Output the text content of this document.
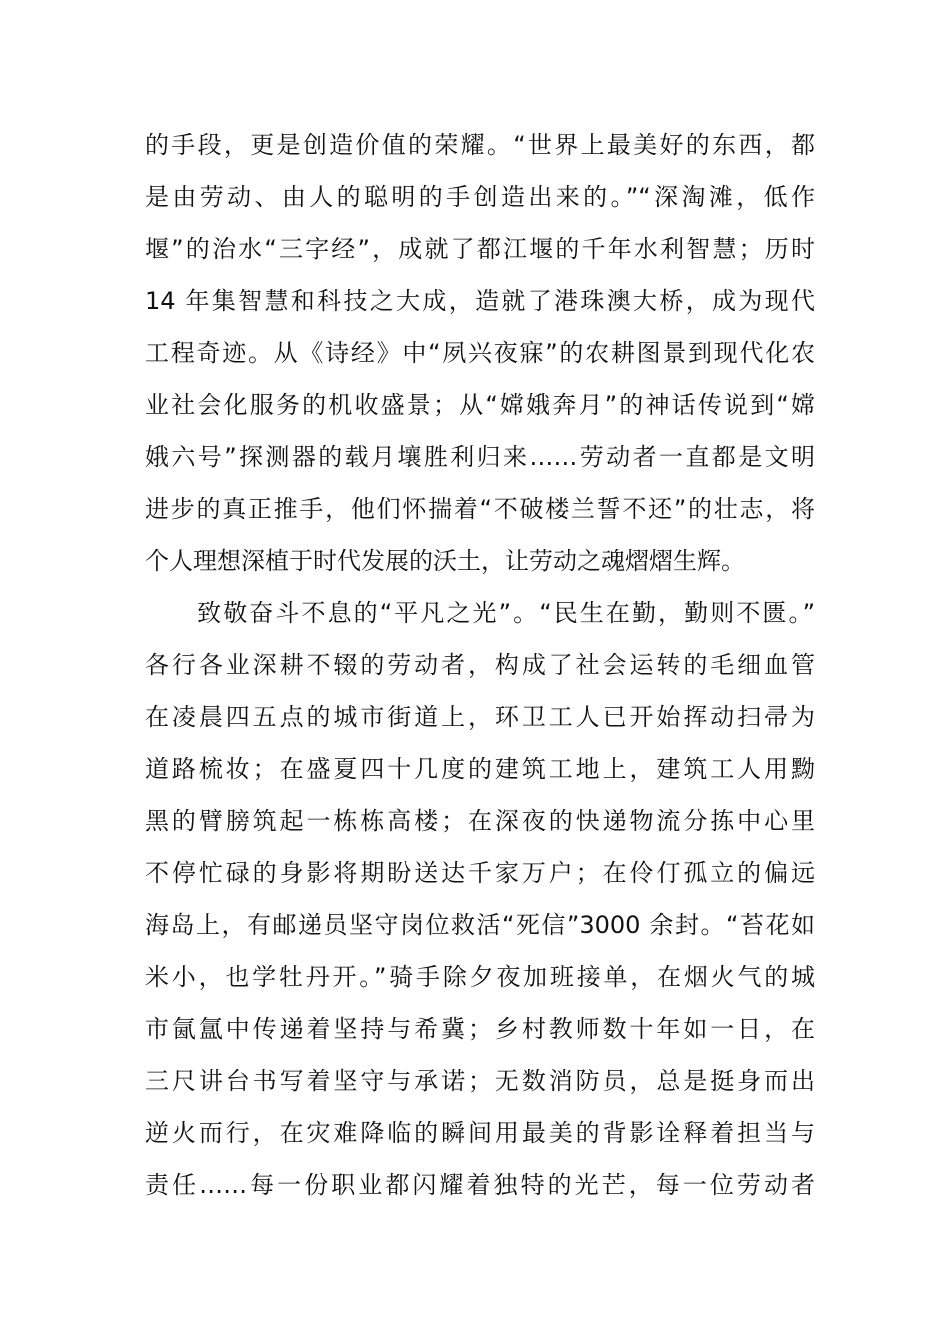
的手段，更是创造价值的荣耀。“世界上最美好的东西，都
是由劳动、由人的聪明的手创造出来的。”“深淘滩，低作
堰”的治水“三字经”，成就了都江堰的千年水利智慧；历时
14 年集智慧和科技之大成，造就了港珠澳大桥，成为现代
工程奇迹。从《诗经》中“夙兴夜寐”的农耕图景到现代化农
业社会化服务的机收盛景；从“嫦娥奔月”的神话传说到“嫦
娥六号”探测器的载月壤胜利归来……劳动者一直都是文明
进步的真正推手，他们怀揣着“不破楼兰誓不还”的壮志，将
个人理想深植于时代发展的沃土，让劳动之魂熠熠生辉。
　　致敬奋斗不息的“平凡之光”。“民生在勤，勤则不匮。”
各行各业深耕不辍的劳动者，构成了社会运转的毛细血管
在凌晨四五点的城市街道上，环卫工人已开始挥动扫帚为
道路梳妆；在盛夏四十几度的建筑工地上，建筑工人用黝
黑的臂膀筑起一栋栋高楼；在深夜的快递物流分拣中心里
不停忙碌的身影将期盼送达千家万户；在伶仃孤立的偏远
海岛上，有邮递员坚守岗位救活“死信”3000 余封。“苔花如
米小，也学牡丹开。”骑手除夕夜加班接单，在烟火气的城
市氤氲中传递着坚持与希冀；乡村教师数十年如一日，在
三尺讲台书写着坚守与承诺；无数消防员，总是挺身而出
逆火而行，在灾难降临的瞬间用最美的背影诠释着担当与
责任……每一份职业都闪耀着独特的光芒，每一位劳动者
